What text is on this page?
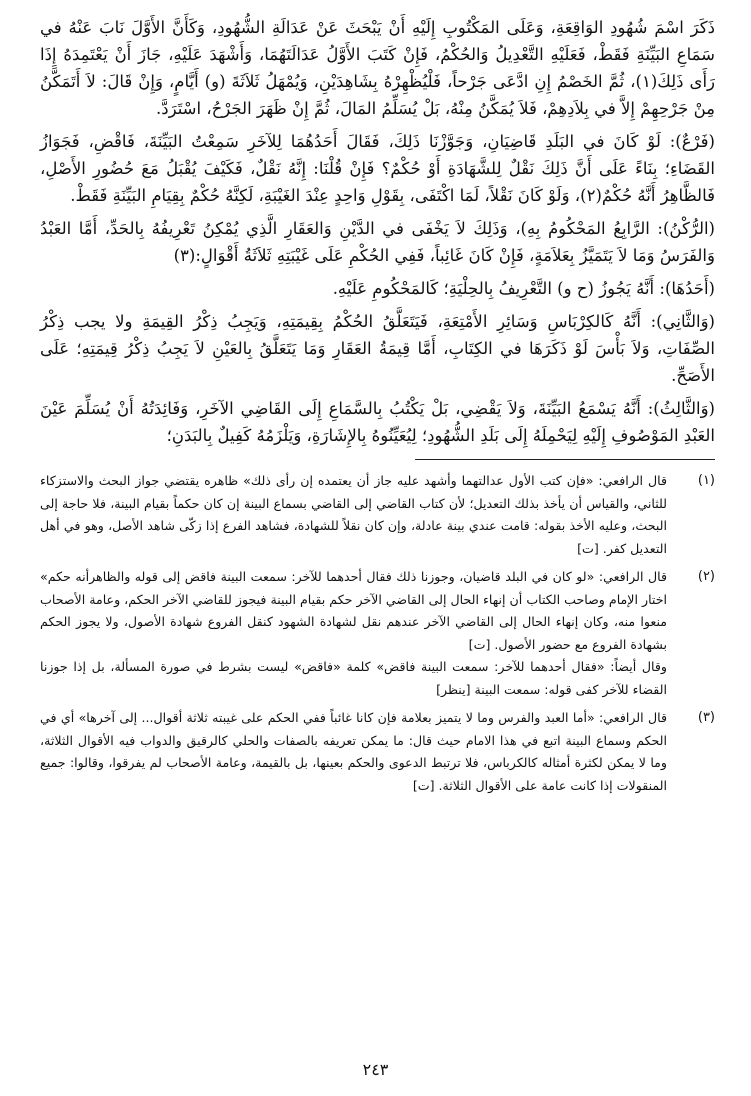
ذَكَرَ اسْمَ شُهُودِ الوَاقِعَةِ، وَعَلَى المَكْتُوبِ إِلَيْهِ أَنْ يَبْحَثَ عَنْ عَدَالَةِ الشُّهُودِ، وَكَأَنَّ الأَوَّلَ نَابَ عَنْهُ في سَمَاعِ البَيِّنَةِ فَقَطْ، فَعَلَيْهِ التَّعْدِيلُ وَالحُكْمُ، فَإِنْ كَتَبَ الأَوَّلُ عَدَالَتَهُمَا، وَأَشْهَدَ عَلَيْهِ، جَازَ أَنْ يَعْتَمِدَهُ إِذَا رَأَى ذَلِكَ(١)، ثُمَّ الخَصْمُ إِنِ ادَّعَى جَرْحاً، فَلْيُظْهِرْهُ بِشَاهِدَيْنِ، وَيُمْهَلُ ثَلاَثَةَ (و) أَيَّامٍ، وَإِنْ قَالَ: لاَ أَتَمَكَّنُ مِنْ جَرْحِهِمْ إِلاَّ في بِلاَدِهِمْ، فَلاَ يُمَكَّنُ مِنْهُ، بَلْ يُسَلِّمُ المَالَ، ثُمَّ إِنْ ظَهَرَ الجَرْحُ، اسْتَرَدَّ.

(فَرْعٌ): لَوْ كَانَ في البَلَدِ قَاضِيَانِ، وَجَوَّزْنَا ذَلِكَ، فَقَالَ أَحَدُهُمَا لِلآخَرِ سَمِعْتُ البَيِّنَةَ، فَاقْضِ، فَجَوَازُ القَضَاءِ؛ بِنَاءً عَلَى أَنَّ ذَلِكَ نَقْلٌ لِلشَّهَادَةِ أَوْ حُكْمٌ؟ فَإِنْ قُلْنَا: إِنَّهُ نَقْلٌ، فَكَيْفَ يُقْبَلُ مَعَ حُضُورِ الأَصْلِ، فَالظَّاهِرُ أَنَّهُ حُكْمٌ(٢)، وَلَوْ كَانَ نَقْلاً، لَمَا اكْتَفَى، بِقَوْلِ وَاحِدٍ عِنْدَ الغَيْبَةِ، لَكِنَّهُ حُكْمٌ بِقِيَامِ البَيِّنَةِ فَقَطْ.

(الرُّكْنُ): الرَّابِعُ المَحْكُومُ بِهِ)، وَذَلِكَ لاَ يَخْفَى في الدَّيْنِ وَالعَقَارِ الَّذِي يُمْكِنُ تَعْرِيفُهُ بِالحَدِّ، أَمَّا العَبْدُ وَالفَرَسُ وَمَا لاَ يَتَمَيَّزُ بِعَلاَمَةٍ، فَإِنْ كَانَ غَائِباً، فَفِي الحُكْمِ عَلَى غَيْبَتِهِ ثَلاَثَةُ أَقْوَالٍ:(٣)

(أَحَدُهَا): أَنَّهُ يَجُوزُ (ح و) التَّعْرِيفُ بِالحِلْيَةِ؛ كَالمَحْكُومِ عَلَيْهِ.

(وَالثَّانِي): أَنَّهُ كَالكِرْبَاسِ وَسَائِرِ الأَمْتِعَةِ، فَيَتَعَلَّقُ الحُكْمُ بِقِيمَتِهِ، وَيَجِبُ ذِكْرُ القِيمَةِ ولا يجب ذِكْرُ الصِّفَاتِ، وَلاَ بَأْسَ لَوْ ذَكَرَهَا في الكِتَابِ، أَمَّا قِيمَةُ العَقَارِ وَمَا يَتَعَلَّقُ بِالعَيْنِ لاَ يَجِبُ ذِكْرُ قِيمَتِهِ؛ عَلَى الأَصَحِّ.

(وَالثَّالِثُ): أَنَّهُ يَسْمَعُ البَيِّنَةَ، وَلاَ يَقْضِي، بَلْ يَكْتُبُ بِالسَّمَاعِ إِلَى القَاضِي الآخَرِ، وَفَائِدَتُهُ أَنْ يُسَلِّمَ عَيْنَ العَبْدِ المَوْصُوفِ إِلَيْهِ لِيَحْمِلَهُ إِلَى بَلَدِ الشُّهُودِ؛ لِيُعَيِّنُوهُ بِالإِشَارَةِ، وَيَلْزَمُهُ كَفِيلٌ بِالبَدَنِ؛

(١)

قال الرافعي: «فإن كتب الأول عدالتهما وأشهد عليه جاز أن يعتمده إن رأى ذلك» ظاهره يقتضي جواز البحث والاستزكاء للثاني، والقياس أن يأخذ بذلك التعديل؛ لأن كتاب القاضي إلى القاضي بسماع البينة إن كان حكماً بقيام البينة، فلا حاجة إلى البحث، وعليه الأخذ بقوله: قامت عندي بينة عادلة، وإن كان نقلاً للشهادة، فشاهد الفرع إذا زكّى شاهد الأصل، وهو في أهل التعديل كفر. [ت]

(٢)

قال الرافعي: «لو كان في البلد قاضيان، وجوزنا ذلك فقال أحدهما للآخر: سمعت البينة فاقض إلى قوله والظاهرأنه حكم» اختار الإمام وصاحب الكتاب أن إنهاء الحال إلى القاضي الآخر حكم بقيام البينة فيجوز للقاضي الآخر الحكم، وعامة الأصحاب منعوا منه، وكان إنهاء الحال إلى القاضي الآخر عندهم نقل لشهادة الشهود كنقل الفروع شهادة الأصول، ولا يجوز الحكم بشهادة الفروع مع حضور الأصول. [ت]

وقال أيضاً: «فقال أحدهما للآخر: سمعت البينة فاقض» كلمة «فاقض» ليست بشرط في صورة المسألة، بل إذا جوزنا القضاء للآخر كفى قوله: سمعت البينة [ينظر]

(٣)

قال الرافعي: «أما العبد والفرس وما لا يتميز بعلامة فإن كانا غائباً ففي الحكم على غيبته ثلاثة أقوال... إلى آخرها» أي في الحكم وسماع البينة اتبع في هذا الامام حيث قال: ما يمكن تعريفه بالصفات والحلي كالرقيق والدواب فيه الأقوال الثلاثة، وما لا يمكن لكثرة أمثاله كالكرباس، فلا ترتبط الدعوى والحكم بعينها، بل بالقيمة، وعامة الأصحاب لم يفرقوا، وقالوا: جميع المنقولات إذا كانت عامة على الأقوال الثلاثة. [ت]

٢٤٣
